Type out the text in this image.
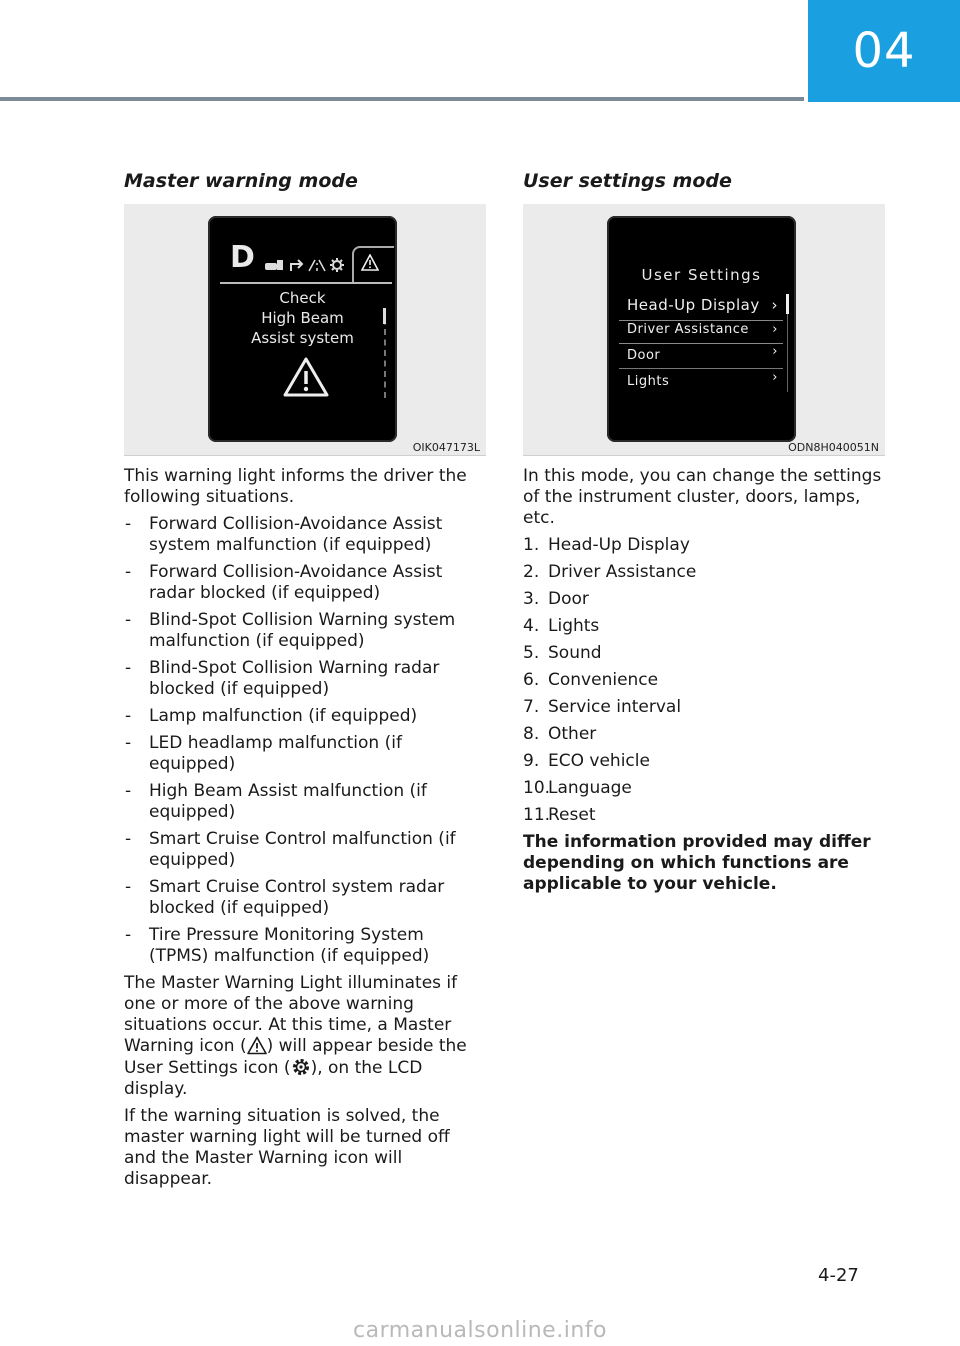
04
Master warning mode
D
Check
High Beam
Assist system
OIK047173L

This warning light informs the driver the following situations.

- Forward Collision-Avoidance Assist system malfunction (if equipped)
- Forward Collision-Avoidance Assist radar blocked (if equipped)
- Blind-Spot Collision Warning system malfunction (if equipped)
- Blind-Spot Collision Warning radar blocked (if equipped)
- Lamp malfunction (if equipped)
- LED headlamp malfunction (if equipped)
- High Beam Assist malfunction (if equipped)
- Smart Cruise Control malfunction (if equipped)
- Smart Cruise Control system radar blocked (if equipped)
- Tire Pressure Monitoring System (TPMS) malfunction (if equipped)

The Master Warning Light illuminates if one or more of the above warning situations occur. At this time, a Master Warning icon ( ) will appear beside the User Settings icon ( ), on the LCD display.

If the warning situation is solved, the master warning light will be turned off and the Master Warning icon will disappear.

User settings mode
User Settings
Head-Up Display ›
Driver Assistance ›
Door	›
Lights	›
ODN8H040051N

In this mode, you can change the settings of the instrument cluster, doors, lamps, etc.

1. Head-Up Display
2. Driver Assistance
3. Door
4. Lights
5. Sound
6. Convenience
7. Service interval
8. Other
9. ECO vehicle
10.Language
11.Reset

The information provided may differ depending on which functions are applicable to your vehicle.

4-27
carmanualsonline.info
